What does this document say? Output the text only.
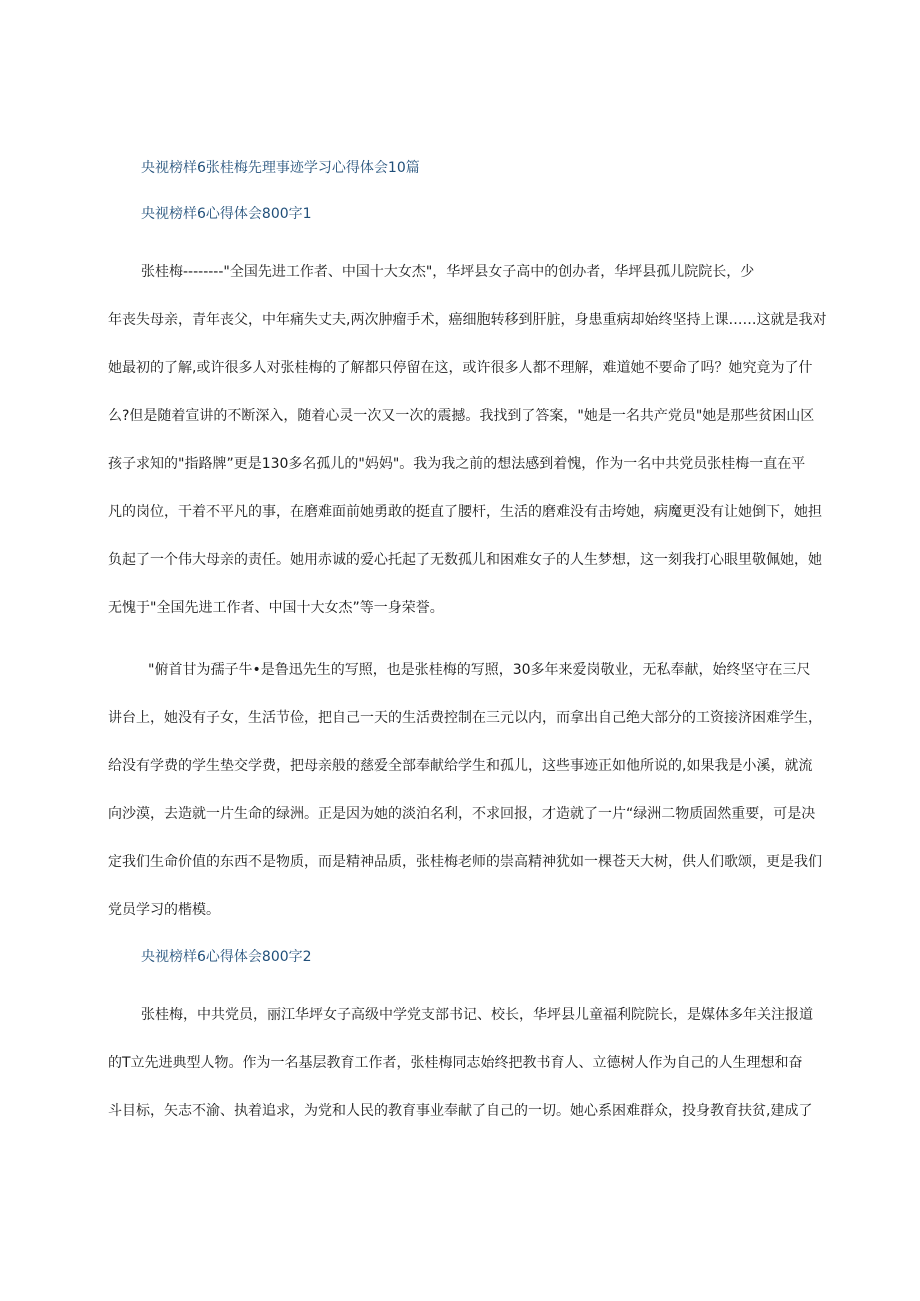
央视榜样6张桂梅先理事迹学习心得体会10篇
央视榜样6心得体会800字1
张桂梅--------"全国先进工作者、中国十大女杰"，华坪县女子高中的创办者，华坪县孤儿院院长，少
年丧失母亲，青年丧父，中年痛失丈夫,两次肿瘤手术，癌细胞转移到肝脏，身患重病却始终坚持上课……这就是我对
她最初的了解,或许很多人对张桂梅的了解都只停留在这，或许很多人都不理解，难道她不要命了吗？她究竟为了什
么?但是随着宣讲的不断深入，随着心灵一次又一次的震撼。我找到了答案，"她是一名共产党员"她是那些贫困山区
孩子求知的"指路牌”更是130多名孤儿的"妈妈"。我为我之前的想法感到着愧，作为一名中共党员张桂梅一直在平
凡的岗位，干着不平凡的事，在磨难面前她勇敢的挺直了腰杆，生活的磨难没有击垮她，病魔更没有让她倒下，她担
负起了一个伟大母亲的责任。她用赤诚的爱心托起了无数孤儿和困难女子的人生梦想，这一刻我打心眼里敬佩她，她
无愧于"全国先进工作者、中国十大女杰”等一身荣誉。
"俯首甘为孺子牛•是鲁迅先生的写照，也是张桂梅的写照，30多年来爱岗敬业，无私奉献，始终坚守在三尺
讲台上，她没有子女，生活节俭，把自己一天的生活费控制在三元以内，而拿出自己绝大部分的工资接济困难学生，
给没有学费的学生垫交学费，把母亲般的慈爱全部奉献给学生和孤儿，这些事迹正如他所说的,如果我是小溪，就流
向沙漠，去造就一片生命的绿洲。正是因为她的淡泊名利，不求回报，才造就了一片“绿洲二物质固然重要，可是决
定我们生命价值的东西不是物质，而是精神品质，张桂梅老师的崇高精神犹如一棵苍天大树，供人们歌颂，更是我们
党员学习的楷模。
央视榜样6心得体会800字2
张桂梅，中共党员，丽江华坪女子高级中学党支部书记、校长，华坪县儿童福利院院长，是媒体多年关注报道
的T立先进典型人物。作为一名基层教育工作者，张桂梅同志始终把教书育人、立德树人作为自己的人生理想和奋
斗目标，矢志不渝、执着追求，为党和人民的教育事业奉献了自己的一切。她心系困难群众，投身教育扶贫,建成了
